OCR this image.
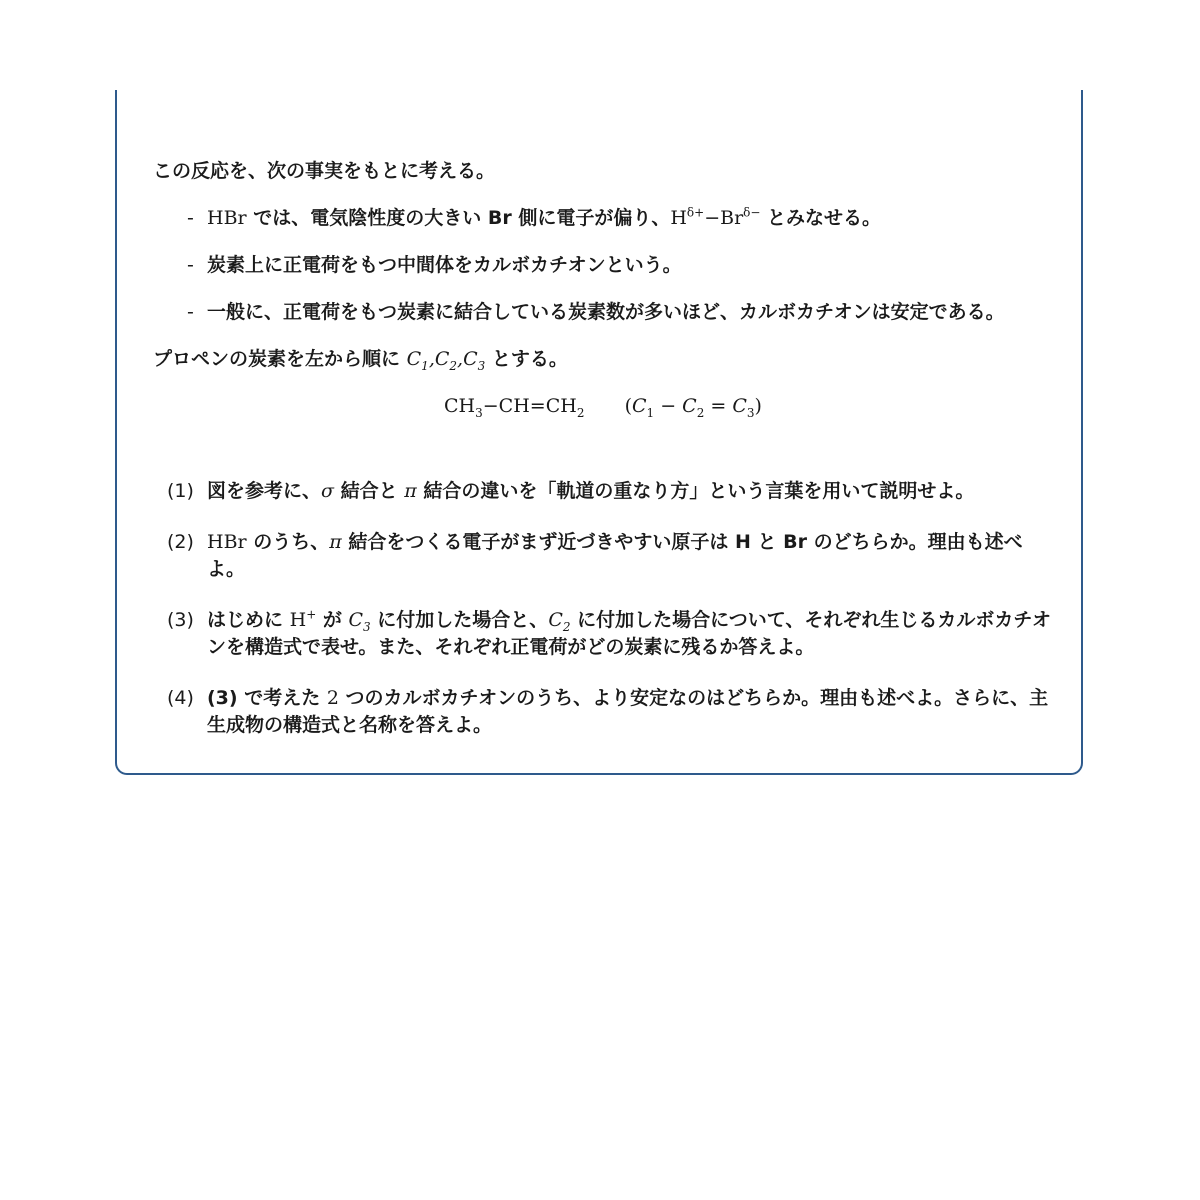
この反応を、次の事実をもとに考える。

- HBr では、電気陰性度の大きい Br 側に電子が偏り、$H^{\delta+}-Br^{\delta-}$ とみなせる。
- 炭素上に正電荷をもつ中間体をカルボカチオンという。
- 一般に、正電荷をもつ炭素に結合している炭素数が多いほど、カルボカチオンは安定である。

プロペンの炭素を左から順に $C_1,C_2,C_3$ とする。

$CH_3-CH=CH_2$ $(C_1 - C_2 = C_3)$
(1) 図を参考に、σ 結合と π 結合の違いを「軌道の重なり方」という言葉を用いて説明せよ。
(2) HBr のうち、π 結合をつくる電子がまず近づきやすい原子は H と Br のどちらか。理由も述べよ。
(3) はじめに H+ が $C_3$ に付加した場合と、$C_2$ に付加した場合について、それぞれ生じるカルボカチオンを構造式で表せ。また、それぞれ正電荷がどの炭素に残るか答えよ。
(4) (3) で考えた 2 つのカルボカチオンのうち、より安定なのはどちらか。理由も述べよ。さらに、主生成物の構造式と名称を答えよ。
